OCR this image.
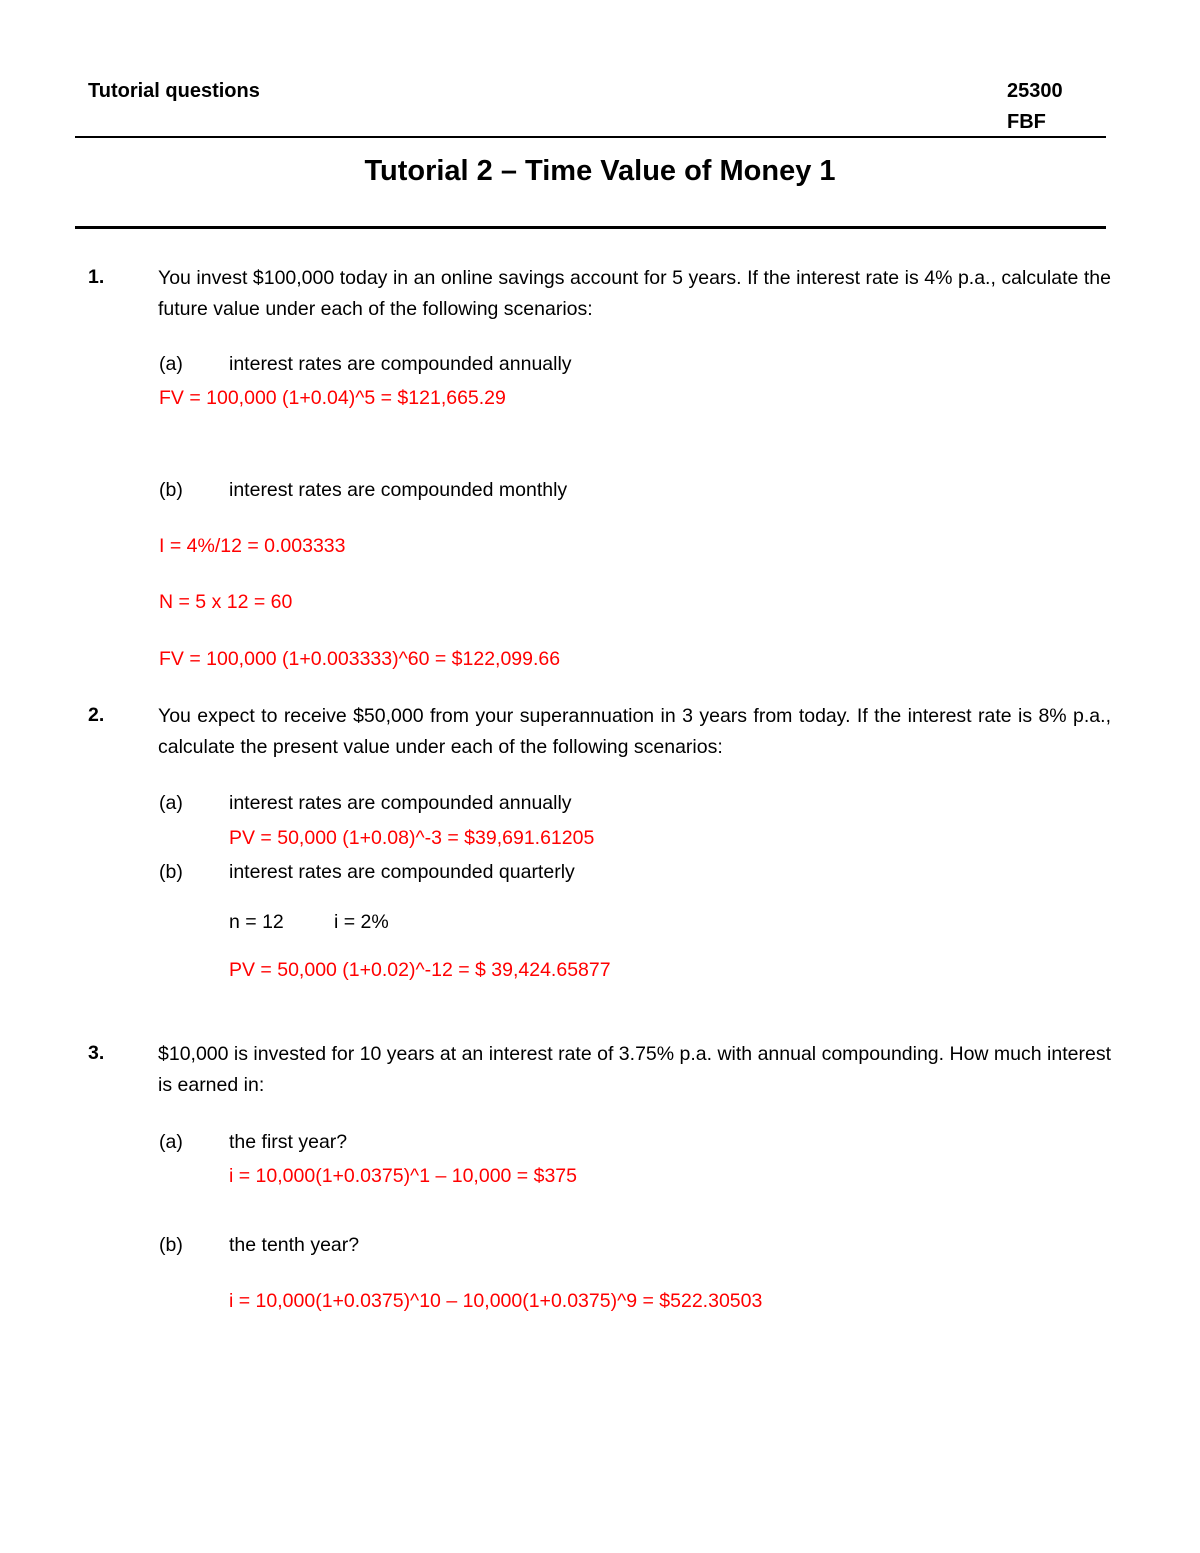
Tutorial questions	25300
FBF
Tutorial 2 – Time Value of Money 1
1.	You invest $100,000 today in an online savings account for 5 years. If the interest rate is 4% p.a., calculate the future value under each of the following scenarios:
(a) interest rates are compounded annually
FV = 100,000 (1+0.04)^5 = $121,665.29
(b) interest rates are compounded monthly
I = 4%/12 = 0.003333
N = 5 x 12 = 60
FV = 100,000 (1+0.003333)^60 = $122,099.66
2.	You expect to receive $50,000 from your superannuation in 3 years from today. If the interest rate is 8% p.a., calculate the present value under each of the following scenarios:
(a) interest rates are compounded annually
PV = 50,000 (1+0.08)^-3 = $39,691.61205
(b) interest rates are compounded quarterly
n = 12	i = 2%
PV = 50,000 (1+0.02)^-12 = $ 39,424.65877
3.	$10,000 is invested for 10 years at an interest rate of 3.75% p.a. with annual compounding. How much interest is earned in:
(a) the first year?
i = 10,000(1+0.0375)^1 – 10,000 = $375
(b) the tenth year?
i = 10,000(1+0.0375)^10 – 10,000(1+0.0375)^9 = $522.30503
